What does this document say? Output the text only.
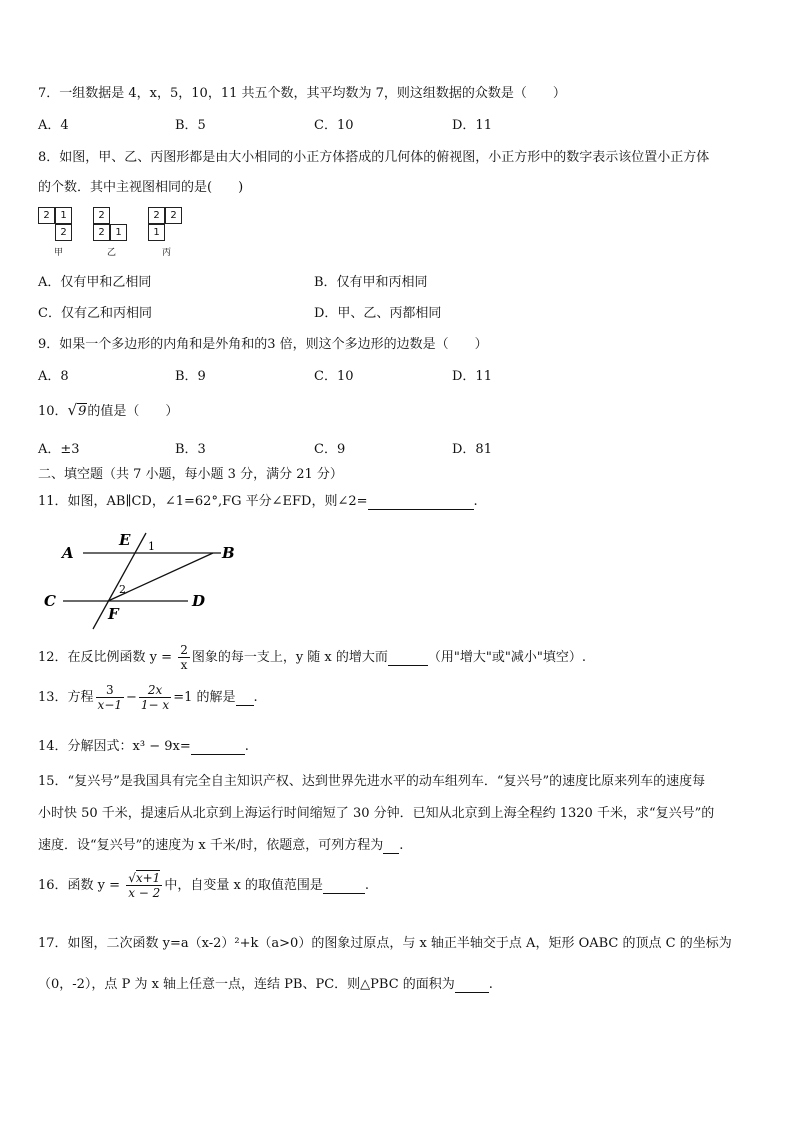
7．一组数据是 4，x，5，10，11 共五个数，其平均数为 7，则这组数据的众数是（　　）
A．4	B．5	C．10	D．11
8．如图，甲、乙、丙图形都是由大小相同的小正方体搭成的几何体的俯视图，小正方形中的数字表示该位置小正方体
的个数．其中主视图相同的是(　　)
2	1
2
甲
2
2	1
乙
2	2
1
丙
A．仅有甲和乙相同	B．仅有甲和丙相同
C．仅有乙和丙相同	D．甲、乙、丙都相同
9．如果一个多边形的内角和是外角和的3 倍，则这个多边形的边数是（　　）
A．8	B．9	C．10	D．11
10．√9的值是（　　）
A．±3	B．3	C．9	D．81
二、填空题（共 7 小题，每小题 3 分，满分 21 分）
11．如图，AB∥CD，∠1=62°,FG 平分∠EFD，则∠2=	.
A	B
C	D
E
F
1
2
12．在反比例函数 $y = \frac{2}{x}$ 图象的每一支上，y 随 x 的增大而	（用"增大"或"减小"填空）.
13．方程 $\frac{3}{x-1} - \frac{2x}{1- x} =1$ 的解是 .
14．分解因式：x³ − 9x=	.
15．“复兴号”是我国具有完全自主知识产权、达到世界先进水平的动车组列车．“复兴号”的速度比原来列车的速度每
小时快 50 千米，提速后从北京到上海运行时间缩短了 30 分钟．已知从北京到上海全程约 1320 千米，求“复兴号”的
速度．设“复兴号”的速度为 x 千米/时，依题意，可列方程为 .
16．函数 $y = \frac{√x+1}{x - 2}$ 中，自变量 x 的取值范围是	.
17．如图，二次函数 y=a（x-2）²+k（a>0）的图象过原点，与 x 轴正半轴交于点 A，矩形 OABC 的顶点 C 的坐标为
（0，-2），点 P 为 x 轴上任意一点，连结 PB、PC．则△PBC 的面积为	.
